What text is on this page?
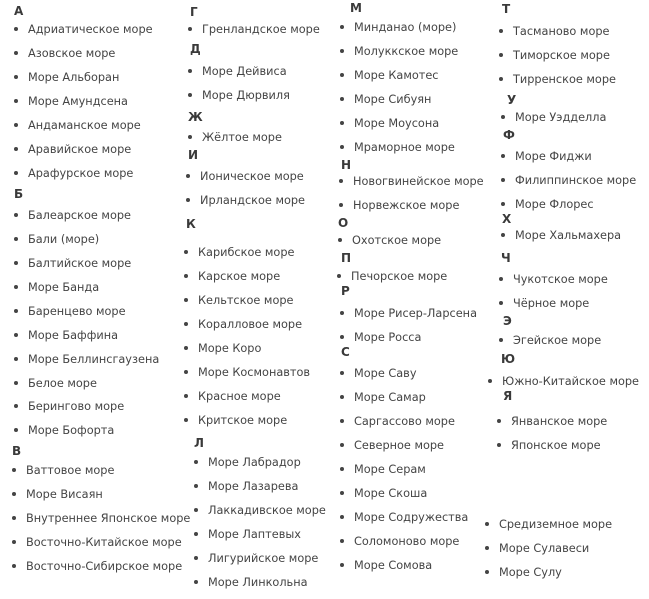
А
Адриатическое море
Азовское море
Море Альборан
Море Амундсена
Андаманское море
Аравийское море
Арафурское море
Б
Балеарское море
Бали (море)
Балтийское море
Море Банда
Баренцево море
Море Баффина
Море Беллинсгаузена
Белое море
Берингово море
Море Бофорта
В
Ваттовое море
Море Висаян
Внутреннее Японское море
Восточно-Китайское море
Восточно-Сибирское море
Г
Гренландское море
Д
Море Дейвиса
Море Дюрвиля
Ж
Жёлтое море
И
Ионическое море
Ирландское море
К
Карибское море
Карское море
Кельтское море
Коралловое море
Море Коро
Море Космонавтов
Красное море
Критское море
Л
Море Лабрадор
Море Лазарева
Лаккадивское море
Море Лаптевых
Лигурийское море
Море Линкольна
М
Минданао (море)
Молуккское море
Море Камотес
Море Сибуян
Море Моусона
Мраморное море
Н
Новогвинейское море
Норвежское море
О
Охотское море
П
Печорское море
Р
Море Рисер-Ларсена
Море Росса
С
Море Саву
Море Самар
Саргассово море
Северное море
Море Серам
Море Скоша
Море Содружества
Соломоново море
Море Сомова
Т
Тасманово море
Тиморское море
Тирренское море
У
Море Уэдделла
Ф
Море Фиджи
Филиппинское море
Море Флорес
Х
Море Хальмахера
Ч
Чукотское море
Чёрное море
Э
Эгейское море
Ю
Южно-Китайское море
Я
Янвaнское море
Японское море
Средиземное море
Море Сулавеси
Море Сулу
